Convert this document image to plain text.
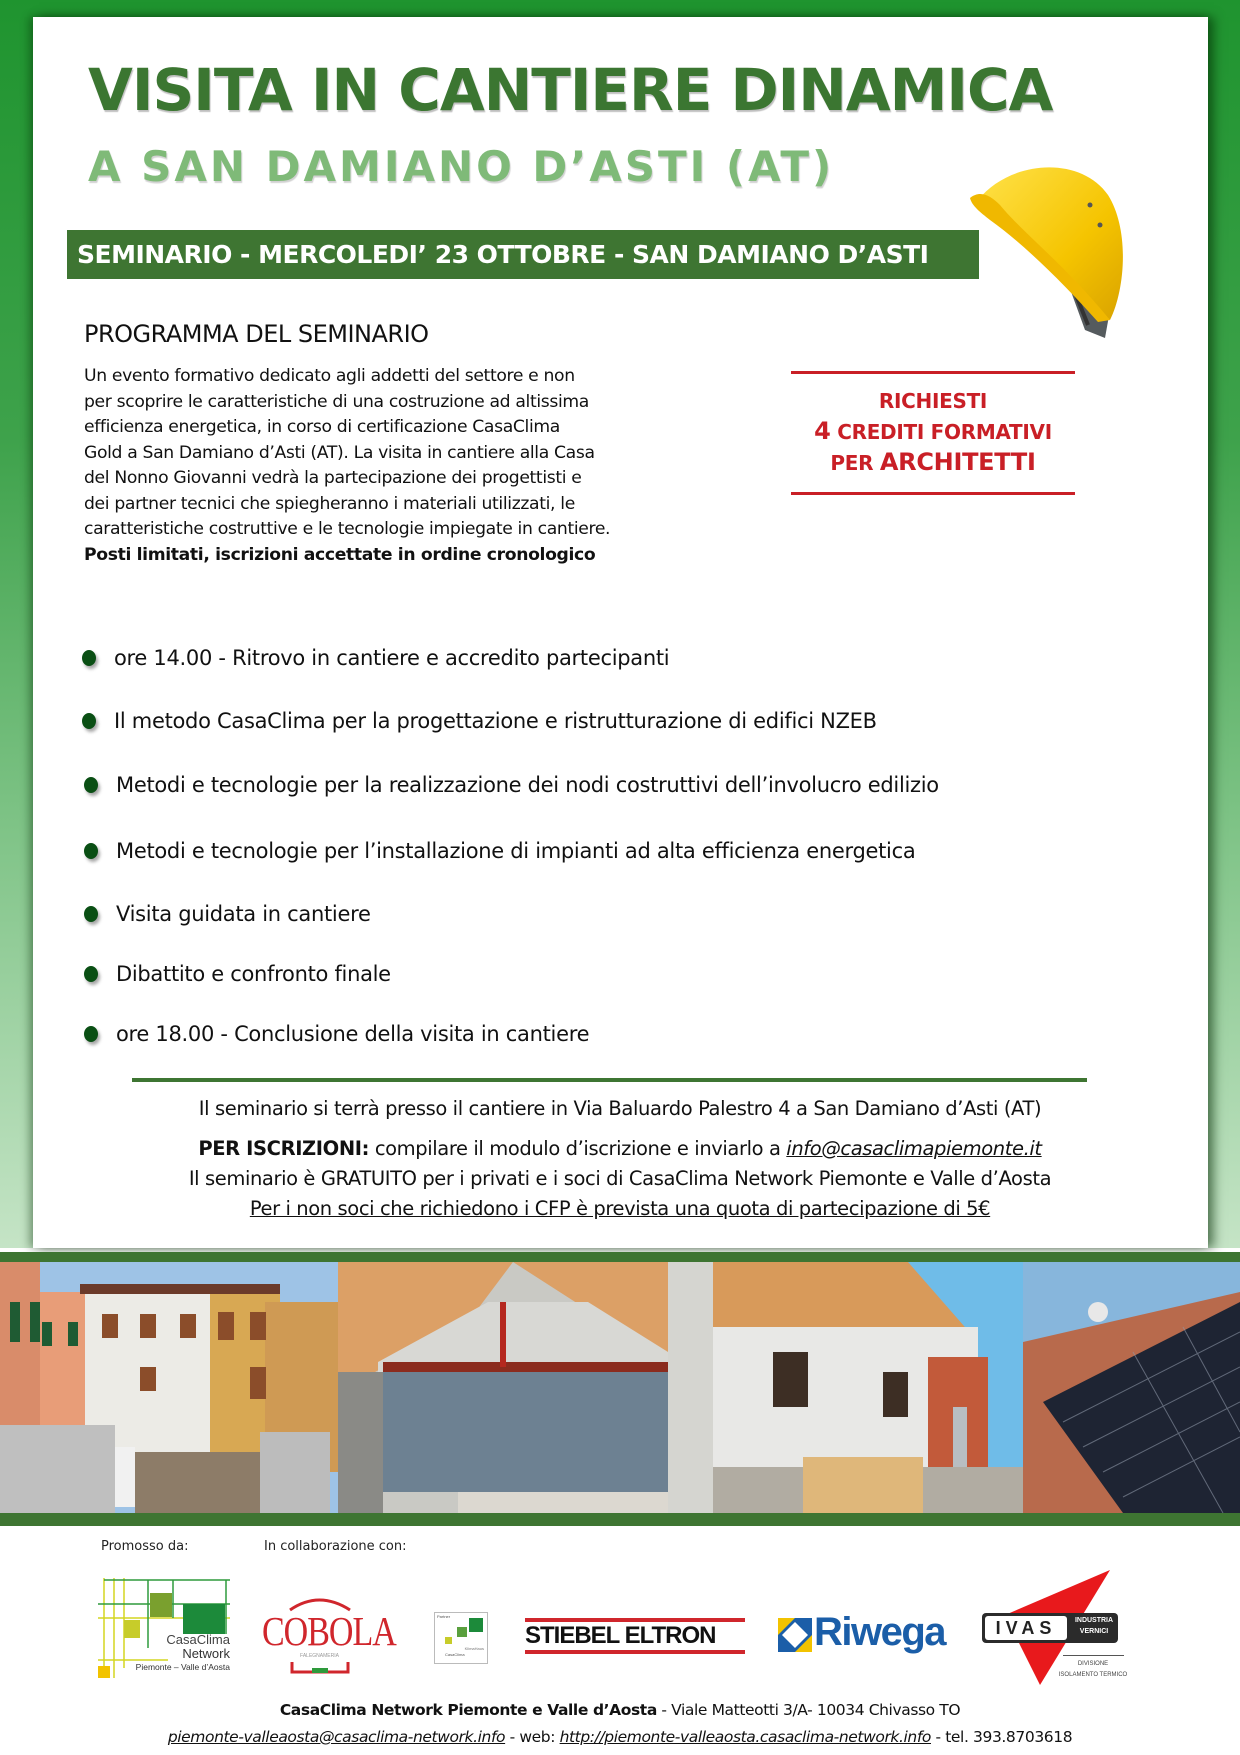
VISITA IN CANTIERE DINAMICA
A SAN DAMIANO D’ASTI (AT)
SEMINARIO - MERCOLEDI’ 23 OTTOBRE - SAN DAMIANO D’ASTI
PROGRAMMA DEL SEMINARIO
Un evento formativo dedicato agli addetti del settore e non
per scoprire le caratteristiche di una costruzione ad altissima
efficienza energetica, in corso di certificazione CasaClima
Gold a San Damiano d’Asti (AT). La visita in cantiere alla Casa
del Nonno Giovanni vedrà la partecipazione dei progettisti e
dei partner tecnici che spiegheranno i materiali utilizzati, le
caratteristiche costruttive e le tecnologie impiegate in cantiere.
Posti limitati, iscrizioni accettate in ordine cronologico
RICHIESTI
4 CREDITI FORMATIVI
PER ARCHITETTI
ore 14.00 - Ritrovo in cantiere e accredito partecipanti
Il metodo CasaClima per la progettazione e ristrutturazione di edifici NZEB
Metodi e tecnologie per la realizzazione dei nodi costruttivi dell’involucro edilizio
Metodi e tecnologie per l’installazione di impianti ad alta efficienza energetica
Visita guidata in cantiere
Dibattito e confronto finale
ore 18.00 - Conclusione della visita in cantiere
Il seminario si terrà presso il cantiere in Via Baluardo Palestro 4 a San Damiano d’Asti (AT)
PER ISCRIZIONI: compilare il modulo d’iscrizione e inviarlo a info@casaclimapiemonte.it
Il seminario è GRATUITO per i privati e i soci di CasaClima Network Piemonte e Valle d’Aosta
Per i non soci che richiedono i CFP è prevista una quota di partecipazione di 5€
Promosso da:	In collaborazione con:
CasaClima
Network
Piemonte – Valle d’Aosta
COBOLA
FALEGNAMERIA
Partner
KlimaHaus
CasaClima
STIEBEL ELTRON	Riwega	IVAS	INDUSTRIA
VERNICI
DIVISIONE
ISOLAMENTO TERMICO
CasaClima Network Piemonte e Valle d’Aosta - Viale Matteotti 3/A- 10034 Chivasso TO
piemonte-valleaosta@casaclima-network.info - web: http://piemonte-valleaosta.casaclima-network.info - tel. 393.8703618
